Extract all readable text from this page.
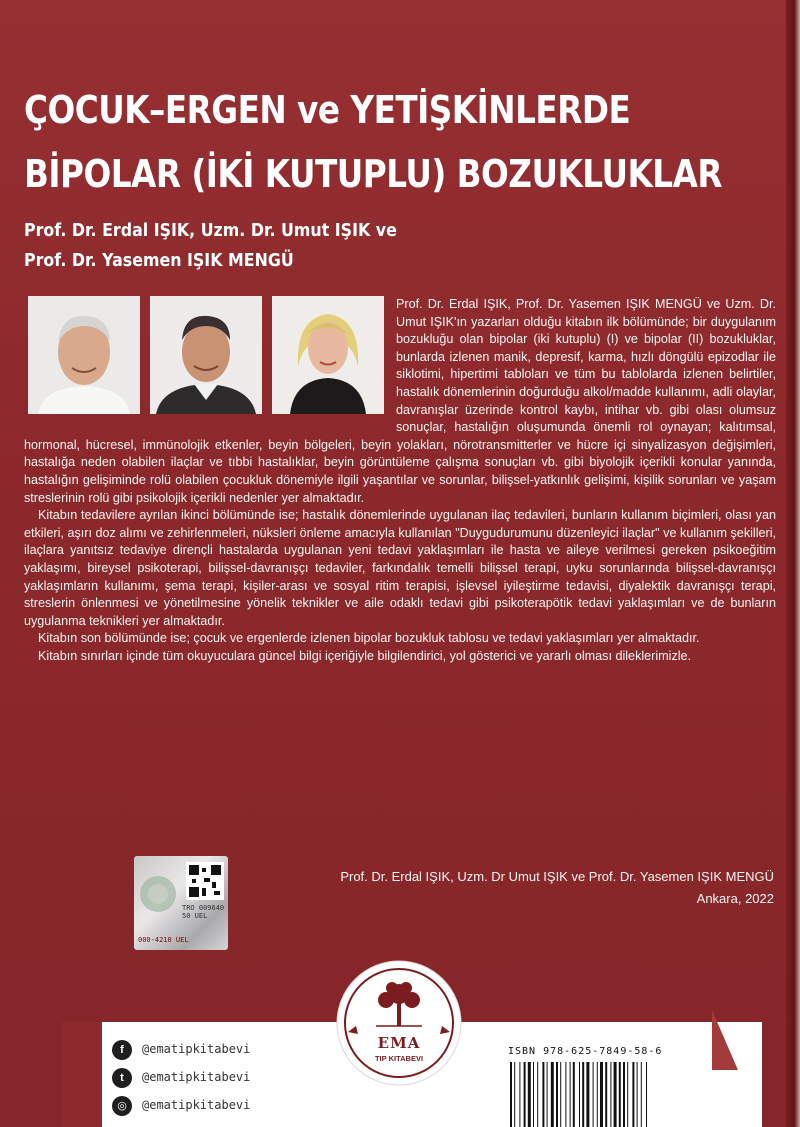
ÇOCUK–ERGEN ve YETİŞKİNLERDE
BİPOLAR (İKİ KUTUPLU) BOZUKLUKLAR
Prof. Dr. Erdal IŞIK, Uzm. Dr. Umut IŞIK ve
Prof. Dr. Yasemen IŞIK MENGÜ

Prof. Dr. Erdal IŞIK, Prof. Dr. Yasemen IŞIK MENGÜ ve Uzm. Dr. Umut IŞIK'ın yazarları olduğu kitabın ilk bölümünde; bir duygulanım bozukluğu olan bipolar (iki kutuplu) (I) ve bipolar (II) bozukluklar, bunlarda izlenen manik, depresif, karma, hızlı döngülü epizodlar ile siklotimi, hipertimi tabloları ve tüm bu tablolarda izlenen belirtiler, hastalık dönemlerinin doğurduğu alkol/madde kullanımı, adli olaylar, davranışlar üzerinde kontrol kaybı, intihar vb. gibi olası olumsuz sonuçlar, hastalığın oluşumunda önemli rol oynayan; kalıtımsal, hormonal, hücresel, immünolojik etkenler, beyin bölgeleri, beyin yolakları, nörotransmitterler ve hücre içi sinyalizasyon değişimleri, hastalığa neden olabilen ilaçlar ve tıbbi hastalıklar, beyin görüntüleme çalışma sonuçları vb. gibi biyolojik içerikli konular yanında, hastalığın gelişiminde rolü olabilen çocukluk dönemiyle ilgili yaşantılar ve sorunlar, bilişsel-yatkınlık gelişimi, kişilik sorunları ve yaşam streslerinin rolü gibi psikolojik içerikli nedenler yer almaktadır.

Kitabın tedavilere ayrılan ikinci bölümünde ise; hastalık dönemlerinde uygulanan ilaç tedavileri, bunların kullanım biçimleri, olası yan etkileri, aşırı doz alımı ve zehirlenmeleri, nüksleri önleme amacıyla kullanılan "Duygudurumunu düzenleyici ilaçlar" ve kullanım şekilleri, ilaçlara yanıtsız tedaviye dirençli hastalarda uygulanan yeni tedavi yaklaşımları ile hasta ve aileye verilmesi gereken psikoeğitim yaklaşımı, bireysel psikoterapi, bilişsel-davranışçı tedaviler, farkındalık temelli bilişsel terapi, uyku sorunlarında bilişsel-davranışçı yaklaşımların kullanımı, şema terapi, kişiler-arası ve sosyal ritim terapisi, işlevsel iyileştirme tedavisi, diyalektik davranışçı terapi, streslerin önlenmesi ve yönetilmesine yönelik teknikler ve aile odaklı tedavi gibi psikoterapötik tedavi yaklaşımları ve de bunların uygulanma teknikleri yer almaktadır.

Kitabın son bölümünde ise; çocuk ve ergenlerde izlenen bipolar bozukluk tablosu ve tedavi yaklaşımları yer almaktadır.

Kitabın sınırları içinde tüm okuyuculara güncel bilgi içeriğiyle bilgilendirici, yol gösterici ve yararlı olması dileklerimizle.

TRO 00964050 UEL
000-4210 UEL
Prof. Dr. Erdal IŞIK, Uzm. Dr Umut IŞIK ve Prof. Dr. Yasemen IŞIK MENGÜ
Ankara, 2022
f	@ematipkitabevi
t	@ematipkitabevi
◎	@ematipkitabevi
EMA
TIP KITABEVI
ISBN 978-625-7849-58-6
